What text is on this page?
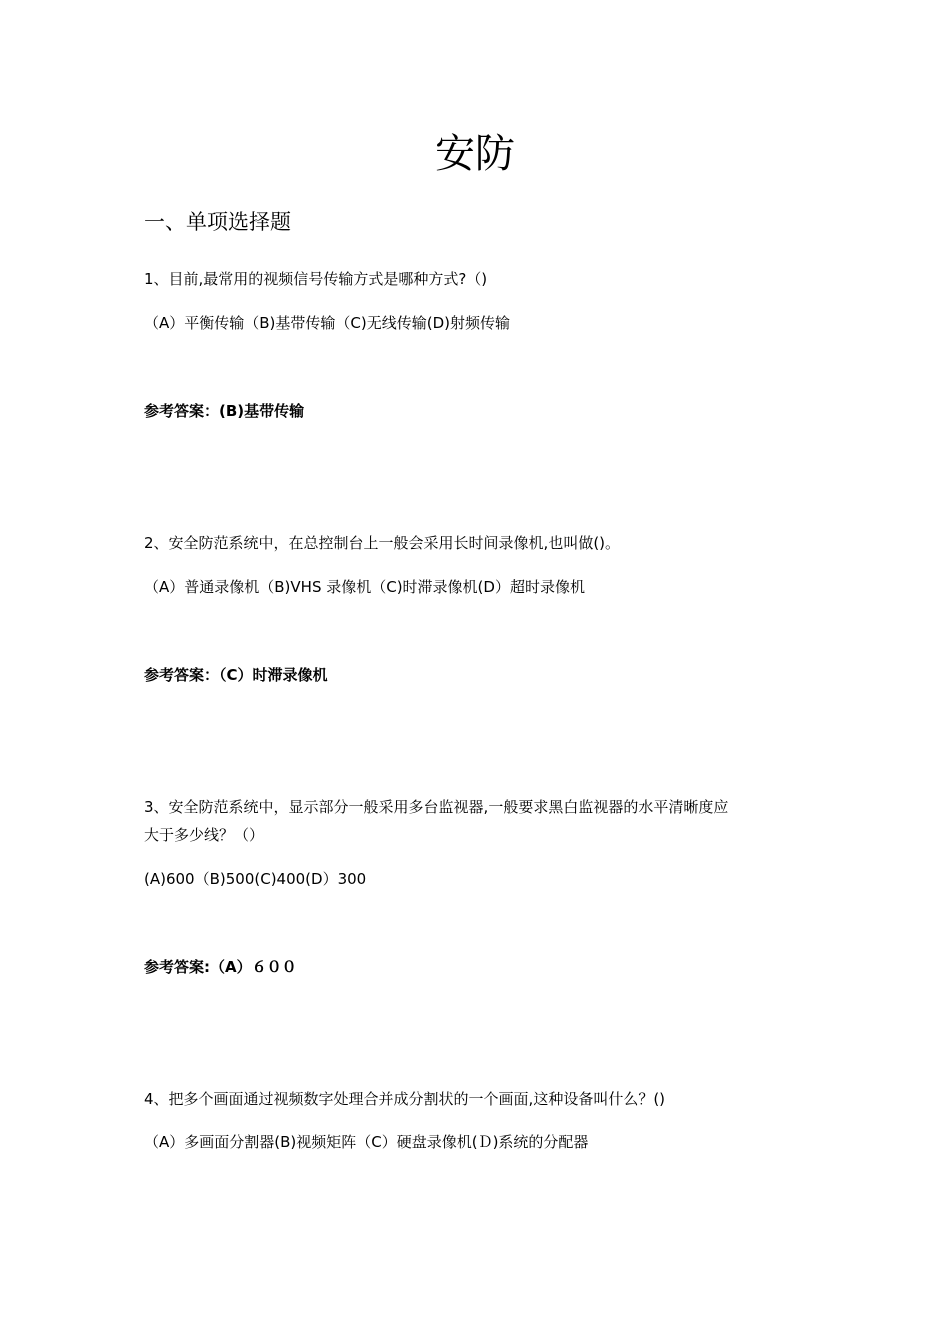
安防
一、单项选择题
1、目前,最常用的视频信号传输方式是哪种方式?（)
（A）平衡传输（B)基带传输（C)无线传输(D)射频传输
参考答案：(B)基带传输
2、安全防范系统中，在总控制台上一般会采用长时间录像机,也叫做()。
（A）普通录像机（B)VHS 录像机（C)时滞录像机(D）超时录像机
参考答案：（C）时滞录像机
3、安全防范系统中，显示部分一般采用多台监视器,一般要求黑白监视器的水平清晰度应
大于多少线？（）
(A)600（B)500(C)400(D）300
参考答案:（A）６００
4、把多个画面通过视频数字处理合并成分割状的一个画面,这种设备叫什么？()
（A）多画面分割器(B)视频矩阵（C）硬盘录像机(Ｄ)系统的分配器
